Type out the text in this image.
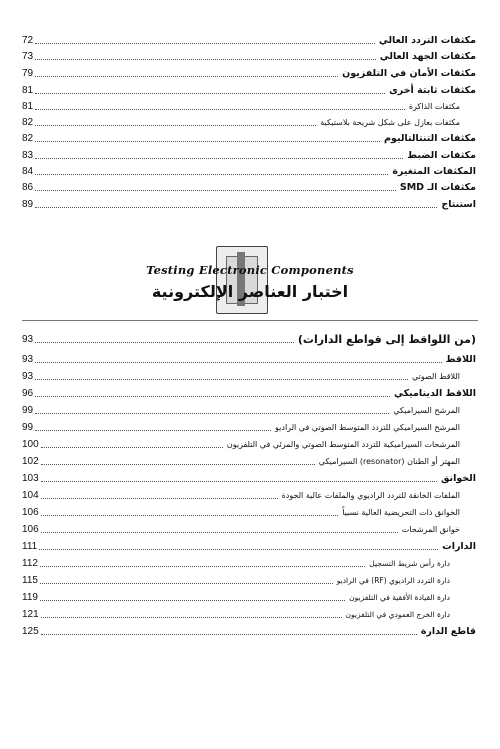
مكثفات التردد العالي
72
مكثفات الجهد العالي
73
مكثفات الأمان في التلفزيون
79
مكثفات ثابتة أخرى
81
مكثفات الذاكرة
81
مكثفات بعازل على شكل شريحة بلاستيكية
82
مكثفات التنتالتاليوم
82
مكثفات الضبط
83
المكثفات المتغيرة
84
مكثفات الـ SMD
86
استنتاج
89
Testing Electronic Components
اختبار العناصر الإلكترونية
(من اللواقط إلى قواطع الدارات)
93
اللاقط
93
اللاقط الصوتي
93
اللاقط الديناميكي
96
المرشح السيراميكي
99
المرشح السيراميكي للتردد المتوسط الصوتي في الراديو
99
المرشحات السيراميكية للتردد المتوسط الصوتي والمرئي في التلفزيون
100
المهتز أو الطنان (resonator) السيراميكي
102
الخوانق
103
الملفات الخانقة للتردد الراديوي والملفات عالية الجودة
104
الخوانق ذات التحريضية العالية نسبياً
106
خوانق المرشحات
106
الدارات
111
دارة رأس شريط التسجيل
112
دارة التردد الراديوي (RF) في الراديو
115
دارة القيادة الأفقية في التلفزيون
119
دارة الخرج العمودي في التلفزيون
121
قاطع الدارة
125
